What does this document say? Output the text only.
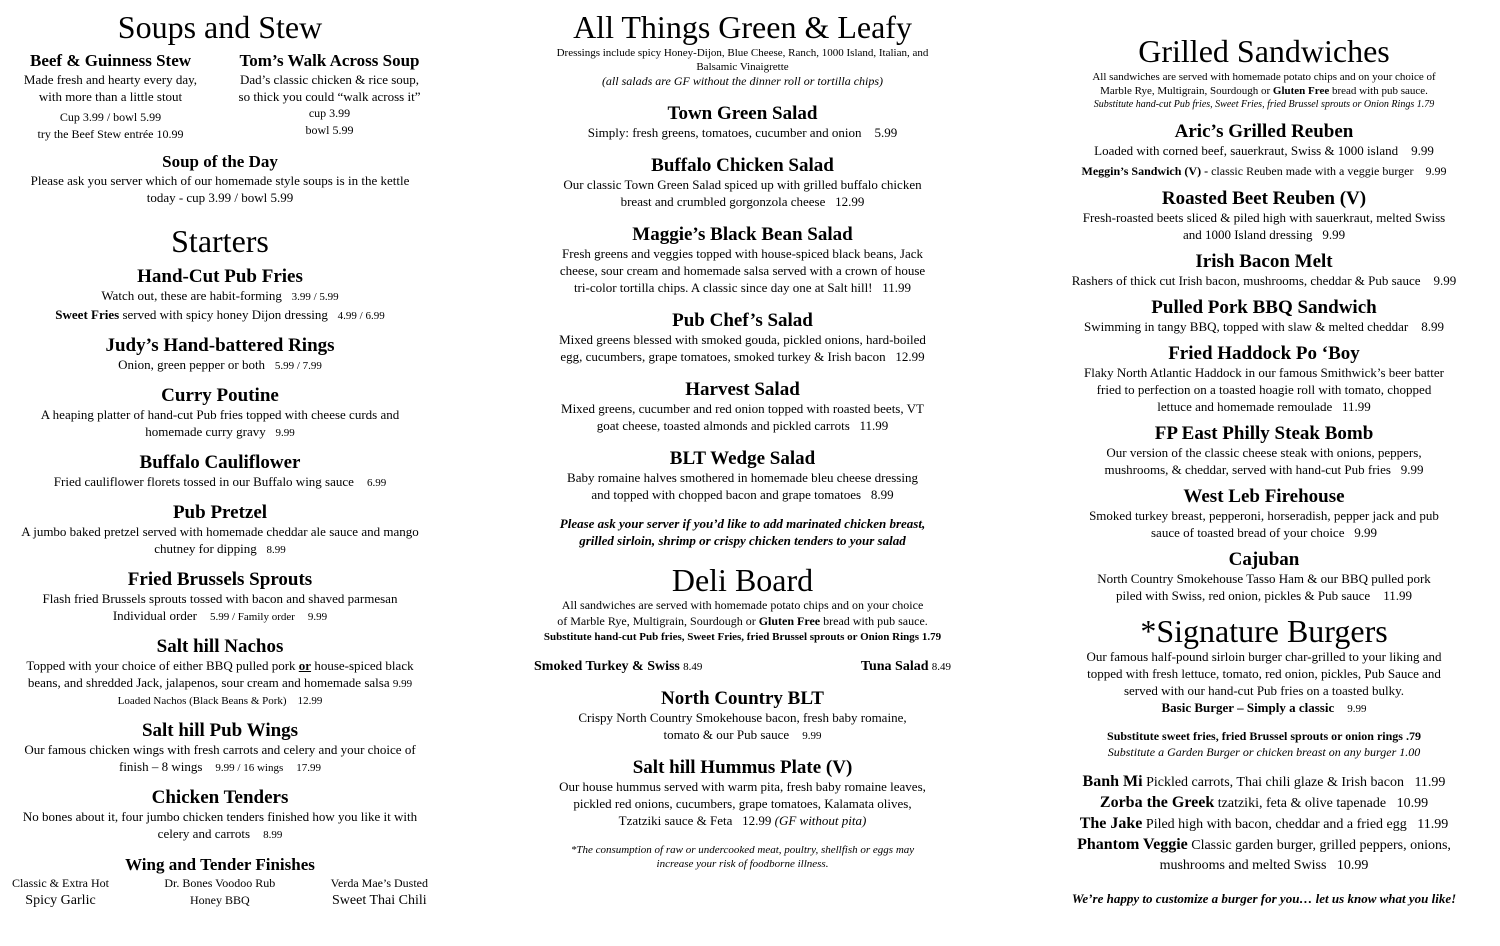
Soups and Stew

Beef & Guinness Stew

Made fresh and hearty every day,

with more than a little stout

Cup 3.99 / bowl 5.99

try the Beef Stew entrée 10.99

Tom’s Walk Across Soup

Dad’s classic chicken & rice soup,

so thick you could “walk across it”

cup 3.99

bowl 5.99

Soup of the Day

Please ask you server which of our homemade style soups is in the kettle

today - cup 3.99 / bowl 5.99

Starters

Hand-Cut Pub Fries

Watch out, these are habit-forming 3.99 / 5.99

Sweet Fries served with spicy honey Dijon dressing 4.99 / 6.99

Judy’s Hand-battered Rings

Onion, green pepper or both 5.99 / 7.99

Curry Poutine

A heaping platter of hand-cut Pub fries topped with cheese curds and

homemade curry gravy 9.99

Buffalo Cauliflower

Fried cauliflower florets tossed in our Buffalo wing sauce 6.99

Pub Pretzel

A jumbo baked pretzel served with homemade cheddar ale sauce and mango

chutney for dipping 8.99

Fried Brussels Sprouts

Flash fried Brussels sprouts tossed with bacon and shaved parmesan

Individual order 5.99 / Family order 9.99

Salt hill Nachos

Topped with your choice of either BBQ pulled pork or house-spiced black

beans, and shredded Jack, jalapenos, sour cream and homemade salsa 9.99

Loaded Nachos (Black Beans & Pork) 12.99

Salt hill Pub Wings

Our famous chicken wings with fresh carrots and celery and your choice of

finish – 8 wings 9.99 / 16 wings 17.99

Chicken Tenders

No bones about it, four jumbo chicken tenders finished how you like it with

celery and carrots 8.99

Wing and Tender Finishes

Classic & Extra Hot

Spicy Garlic

Dr. Bones Voodoo Rub

Honey BBQ

Verda Mae’s Dusted

Sweet Thai Chili

All Things Green & Leafy

Dressings include spicy Honey-Dijon, Blue Cheese, Ranch, 1000 Island, Italian, and

Balsamic Vinaigrette

(all salads are GF without the dinner roll or tortilla chips)

Town Green Salad

Simply: fresh greens, tomatoes, cucumber and onion 5.99

Buffalo Chicken Salad

Our classic Town Green Salad spiced up with grilled buffalo chicken

breast and crumbled gorgonzola cheese 12.99

Maggie’s Black Bean Salad

Fresh greens and veggies topped with house-spiced black beans, Jack

cheese, sour cream and homemade salsa served with a crown of house

tri-color tortilla chips. A classic since day one at Salt hill! 11.99

Pub Chef’s Salad

Mixed greens blessed with smoked gouda, pickled onions, hard-boiled

egg, cucumbers, grape tomatoes, smoked turkey & Irish bacon 12.99

Harvest Salad

Mixed greens, cucumber and red onion topped with roasted beets, VT

goat cheese, toasted almonds and pickled carrots 11.99

BLT Wedge Salad

Baby romaine halves smothered in homemade bleu cheese dressing

and topped with chopped bacon and grape tomatoes 8.99

Please ask your server if you’d like to add marinated chicken breast,

grilled sirloin, shrimp or crispy chicken tenders to your salad

Deli Board

All sandwiches are served with homemade potato chips and on your choice

of Marble Rye, Multigrain, Sourdough or Gluten Free bread with pub sauce.

Substitute hand-cut Pub fries, Sweet Fries, fried Brussel sprouts or Onion Rings 1.79

Smoked Turkey & Swiss 8.49	Tuna Salad 8.49

North Country BLT

Crispy North Country Smokehouse bacon, fresh baby romaine,

tomato & our Pub sauce 9.99

Salt hill Hummus Plate (V)

Our house hummus served with warm pita, fresh baby romaine leaves,

pickled red onions, cucumbers, grape tomatoes, Kalamata olives,

Tzatziki sauce & Feta 12.99 (GF without pita)

*The consumption of raw or undercooked meat, poultry, shellfish or eggs may

increase your risk of foodborne illness.

Grilled Sandwiches

All sandwiches are served with homemade potato chips and on your choice of

Marble Rye, Multigrain, Sourdough or Gluten Free bread with pub sauce.

Substitute hand-cut Pub fries, Sweet Fries, fried Brussel sprouts or Onion Rings 1.79

Aric’s Grilled Reuben

Loaded with corned beef, sauerkraut, Swiss & 1000 island 9.99

Meggin’s Sandwich (V) - classic Reuben made with a veggie burger 9.99

Roasted Beet Reuben (V)

Fresh-roasted beets sliced & piled high with sauerkraut, melted Swiss

and 1000 Island dressing 9.99

Irish Bacon Melt

Rashers of thick cut Irish bacon, mushrooms, cheddar & Pub sauce 9.99

Pulled Pork BBQ Sandwich

Swimming in tangy BBQ, topped with slaw & melted cheddar 8.99

Fried Haddock Po ‘Boy

Flaky North Atlantic Haddock in our famous Smithwick’s beer batter

fried to perfection on a toasted hoagie roll with tomato, chopped

lettuce and homemade remoulade 11.99

FP East Philly Steak Bomb

Our version of the classic cheese steak with onions, peppers,

mushrooms, & cheddar, served with hand-cut Pub fries 9.99

West Leb Firehouse

Smoked turkey breast, pepperoni, horseradish, pepper jack and pub

sauce of toasted bread of your choice 9.99

Cajuban

North Country Smokehouse Tasso Ham & our BBQ pulled pork

piled with Swiss, red onion, pickles & Pub sauce 11.99

*Signature Burgers

Our famous half-pound sirloin burger char-grilled to your liking and

topped with fresh lettuce, tomato, red onion, pickles, Pub Sauce and

served with our hand-cut Pub fries on a toasted bulky.

Basic Burger – Simply a classic 9.99

Substitute sweet fries, fried Brussel sprouts or onion rings .79

Substitute a Garden Burger or chicken breast on any burger 1.00

Banh Mi Pickled carrots, Thai chili glaze & Irish bacon 11.99

Zorba the Greek tzatziki, feta & olive tapenade 10.99

The Jake Piled high with bacon, cheddar and a fried egg 11.99

Phantom Veggie Classic garden burger, grilled peppers, onions,

mushrooms and melted Swiss 10.99

We’re happy to customize a burger for you… let us know what you like!
